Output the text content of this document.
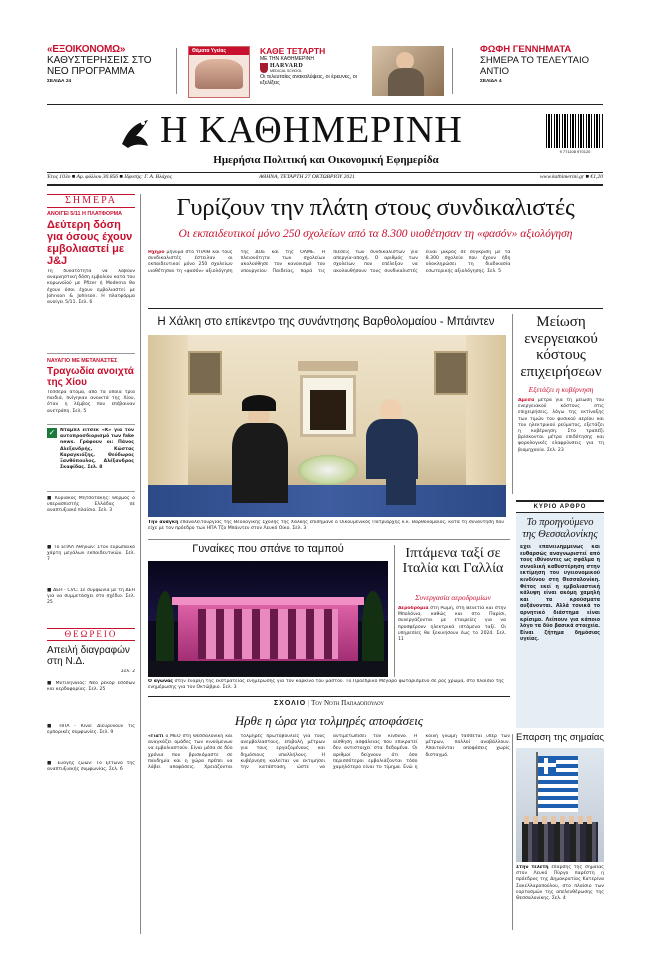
«ΕΞΟΙΚΟΝΟΜΩ»
ΚΑΘΥΣΤΕΡΗΣΕΙΣ ΣΤΟ ΝΕΟ ΠΡΟΓΡΑΜΜΑ
ΣΕΛΙΔΑ 24
Θέματα Υγείας	ΚΑΘΕ ΤΕΤΑΡΤΗ
ΜΕ ΤΗΝ ΚΑΘΗΜΕΡΙΝΗ
HARVARD
MEDICAL SCHOOL
Οι τελευταίες ανακαλύψεις, οι έρευνες, οι εξελίξεις
ΦΩΦΗ ΓΕΝΝΗΜΑΤΑ
ΣΗΜΕΡΑ ΤΟ ΤΕΛΕΥΤΑΙΟ ΑΝΤΙΟ
ΣΕΛΙΔΑ 4
Η ΚΑΘΗΜΕΡΙΝΗ
Ημερήσια Πολιτική και Οικονομική Εφημερίδα
9 771108 970120
Έτος 103ο ■ Αρ. φύλλου 30.856 ■ Ιδρυτής: Γ. Α. Βλάχος	ΑΘΗΝΑ, ΤΕΤΑΡΤΗ 27 ΟΚΤΩΒΡΙΟΥ 2021	www.kathimerini.gr ■ €1,20
ΣΗΜΕΡΑ
ΑΝΟΙΓΕΙ 5/11 Η ΠΛΑΤΦΟΡΜΑ
Δεύτερη δόση για όσους έχουν εμβολιαστεί με J&J
Τη δυνατότητα να λάβουν αναμνηστική δόση εμβολίου κατά του κορωνοϊού με Pfizer ή Moderna θα έχουν όσοι έχουν εμβολιαστεί με Johnson & Johnson. Η πλατφόρμα ανοίγει 5/11. Σελ. 6
ΝΑΥΑΓΙΟ ΜΕ ΜΕΤΑΝΑΣΤΕΣ
Τραγωδία ανοιχτά της Χίου
Τέσσερα άτομα, από τα οποία τρία παιδιά, πνίγηκαν ανοικτά της Χίου, όταν η λέμβος που επέβαιναν ανετράπη. Σελ. 5
✓	Νταμπλ είτσεκ «Κ» για τον αυτοπροσδιορισμό των fake news. Γράφουν οι: Πάνος Αλεξανδρής, Κώστας Καραγκιόζης, Θεόδωρος Ξανθόπουλος, Αλέξανδρος Σκαφίδας. Σελ. 8
■ Κυριάκος Μητσοτάκης: Θερμός ο υπερασπιστής Ελλάδας σε αναπτυξιακό πλαίσιο. Σελ. 3
■ Το ΕΠΑΛ Αθηνών: Στον ευρωπαϊκό χάρτη μεγάλων εκπαιδευτικών. Σελ. 7
■ ΔΕΗ - CVC: Σε συμφωνία με τη ΔΕΗ για να συμμετάσχει στο σχέδιο. Σελ. 25
ΘΕΩΡΕΙΟ
Απειλή διαγραφών στη Ν.Δ.
Σελ. 2
■ Μυτιληναίος: Νέο ρεκόρ εσόδων και κερδοφορίας. Σελ. 25
■ ΗΠΑ - Κίνα: Διευρύνουν τις εμπορικές συμφωνίες. Σελ. 9
■ Ευαγής ζωών: Το ξέτωνο της αναπτυξιακής συμφωνίας. Σελ. 6
Γυρίζουν την πλάτη στους συνδικαλιστές
Οι εκπαιδευτικοί μόνο 250 σχολείων από τα 8.300 υιοθέτησαν τη «φασόν» αξιολόγηση
Ηχηρό μήνυμα στο ΥΠΑΙΘ και τους συνδικαλιστές έστειλαν οι εκπαιδευτικοί μόνο 250 σχολείων υιοθέτησαν τη «φασόν» αξιολόγηση της ΔΟΕ και της ΟΛΜΕ. Η πλειονότητα των σχολείων ακολούθησε τον κανονισμό του υπουργείου Παιδείας, παρά τις πιέσεις των συνδικαλιστών για απεργία-αποχή. Ο αριθμός των σχολείων που επέλεξαν να ακολουθήσουν τους συνδικαλιστές είναι μικρός σε σύγκριση με τα 8.300 σχολεία που έχουν ήδη ολοκληρώσει τη διαδικασία εσωτερικής αξιολόγησης. Σελ. 5
Η Χάλκη στο επίκεντρο της συνάντησης Βαρθολομαίου - Μπάιντεν
Την ανάγκη επαναλειτουργίας της Θεολογικής Σχολής της Χάλκης επισήμανε ο Οικουμενικός Πατριάρχης κ.κ. Βαρθολομαίος, κατά τη συνάντηση που είχε με τον πρόεδρο των ΗΠΑ Τζο Μπάιντεν στον Λευκό Οίκο. Σελ. 3
Μείωση ενεργειακού κόστους επιχειρήσεων
Εξετάζει η κυβέρνηση
Αμεσα μέτρα για τη μείωση του ενεργειακού κόστους στις επιχειρήσεις, λόγω της εκτίναξης των τιμών του φυσικού αερίου και του ηλεκτρικού ρεύματος, εξετάζει η κυβέρνηση. Στο τραπέζι βρίσκονται μέτρα επιδότησης και φορολογικές ελαφρύνσεις για τη βιομηχανία. Σελ. 23
ΚΥΡΙΟ ΑΡΘΡΟ
Το προηγούμενο της Θεσσαλονίκης
Εχει επανειλημμένως και ευθαρσώς αναγνωριστεί από τους ιθύνοντες ως σφάλμα η συνολική καθυστέρηση στην εκτίμηση του υγειονομικού κινδύνου στη Θεσσαλονίκη. Φέτος εκεί η εμβολιαστική κάλυψη είναι ακόμη χαμηλή και τα κρούσματα αυξάνονται. Αλλά τονικά το αρνητικό διάστημα είναι κρίσιμο. Λείπουν για κάποιο λόγο τα δύο βασικά στοιχεία. Είναι ζήτημα δημόσιας υγείας.
Γυναίκες που σπάνε το ταμπού
Ο αγώνας στην έναρξη της εκστρατείας ενημέρωσης για τον καρκίνο του μαστού. Το Προεδρικό Μέγαρο φωταρισμένο σε ροζ χρώμα, στο πλαίσιο της ενημέρωσης για τον Οκτώβριο. Σελ. 3
Ιπτάμενα ταξί σε Ιταλία και Γαλλία
Συνεργασία αεροδρομίων
Αεροδρόμια στη Ρώμη, στη Βενετία και στην Μπολόνια, καθώς και στο Παρίσι, συνεργάζονται με εταιρείες για να προσφέρουν ηλεκτρικά ιπτάμενα ταξί. Οι υπηρεσίες θα ξεκινήσουν έως το 2024. Σελ. 11
ΣΧΟΛΙΟ | Του Νότη Παπαδόπουλου
Ηρθε η ώρα για τολμηρές αποφάσεις
«Γιατί ο ΜΕΟ στη Θεσσαλονίκη και αναγκάζει ομάδες των κινούμενων να εμβολιαστούν. Είναι μέσα σε δύο χρόνια που βρισκόμαστε σε πανδημία και η χώρα πρέπει να λάβει αποφάσεις. Χρειάζονται τολμηρές πρωτοβουλίες για τους ανεμβολίαστους, επιβολή μέτρων για τους εργαζομένους και δημόσιους υπαλλήλους. Η κυβέρνηση καλείται να εκτιμήσει την κατάσταση, ώστε να αντιμετωπίσει τον κίνδυνο. Η αίσθηση ασφάλειας που επικρατεί δεν αντιστοιχεί στα δεδομένα. Οι αριθμοί δείχνουν ότι όσο περισσότεροι εμβολιάζονται τόσο χαμηλότερο είναι το τίμημα. Ενώ η κοινή γνώμη τάσσεται υπέρ των μέτρων, πολλοί αναβάλλουν. Απαιτούνται αποφάσεις χωρίς δισταγμό.
Επαρση της σημαίας
Στην τελετή έπαρσης της σημαίας στον Λευκό Πύργο παρέστη η πρόεδρος της Δημοκρατίας Κατερίνα Σακελλαροπούλου, στο πλαίσιο των εορτασμών της απελευθέρωσης της Θεσσαλονίκης. Σελ. 4
